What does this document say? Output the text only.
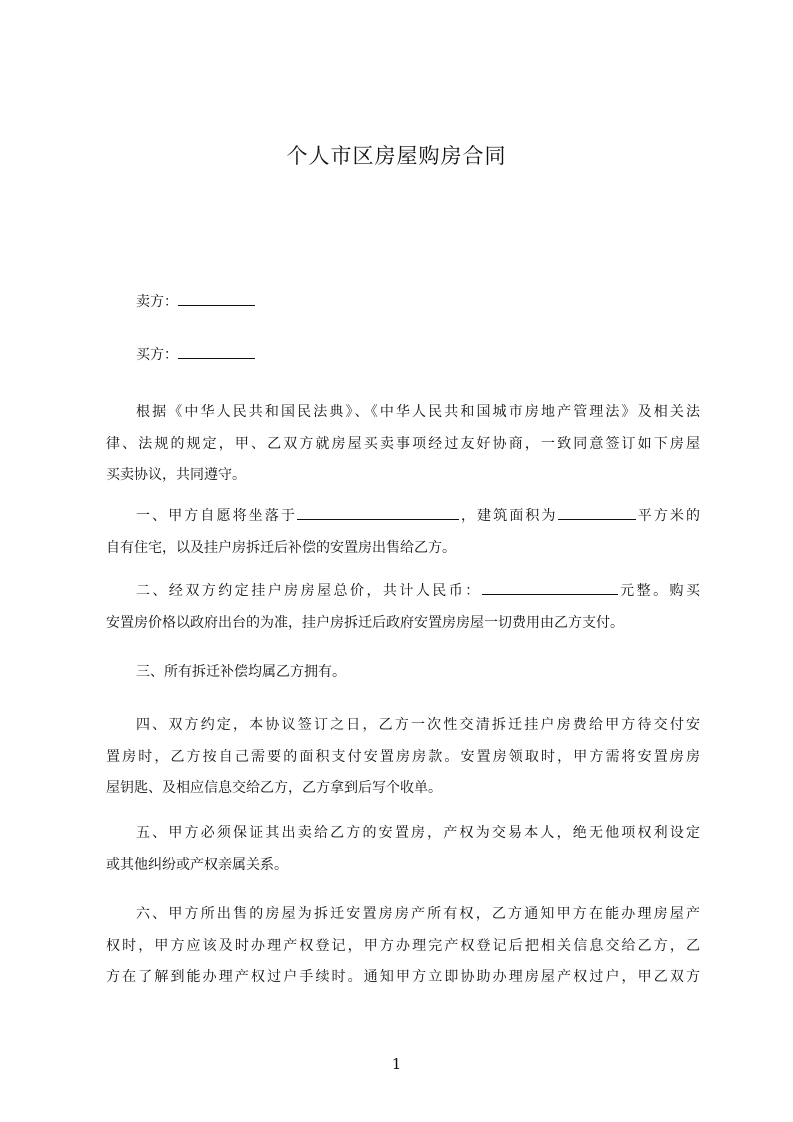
个人市区房屋购房合同
卖方：
买方：
根据《中华人民共和国民法典》、《中华人民共和国城市房地产管理法》及相关法
律、法规的规定，甲、乙双方就房屋买卖事项经过友好协商，一致同意签订如下房屋
买卖协议，共同遵守。
一、甲方自愿将坐落于	，建筑面积为	平方米的
自有住宅，以及挂户房拆迁后补偿的安置房出售给乙方。
二、经双方约定挂户房房屋总价，共计人民币：	元整。购买
安置房价格以政府出台的为准，挂户房拆迁后政府安置房房屋一切费用由乙方支付。
三、所有拆迁补偿均属乙方拥有。
四、双方约定，本协议签订之日，乙方一次性交清拆迁挂户房费给甲方待交付安
置房时，乙方按自己需要的面积支付安置房房款。安置房领取时，甲方需将安置房房
屋钥匙、及相应信息交给乙方，乙方拿到后写个收单。
五、甲方必须保证其出卖给乙方的安置房，产权为交易本人，绝无他项权利设定
或其他纠纷或产权亲属关系。
六、甲方所出售的房屋为拆迁安置房房产所有权，乙方通知甲方在能办理房屋产
权时，甲方应该及时办理产权登记，甲方办理完产权登记后把相关信息交给乙方，乙
方在了解到能办理产权过户手续时。通知甲方立即协助办理房屋产权过户，甲乙双方
1
